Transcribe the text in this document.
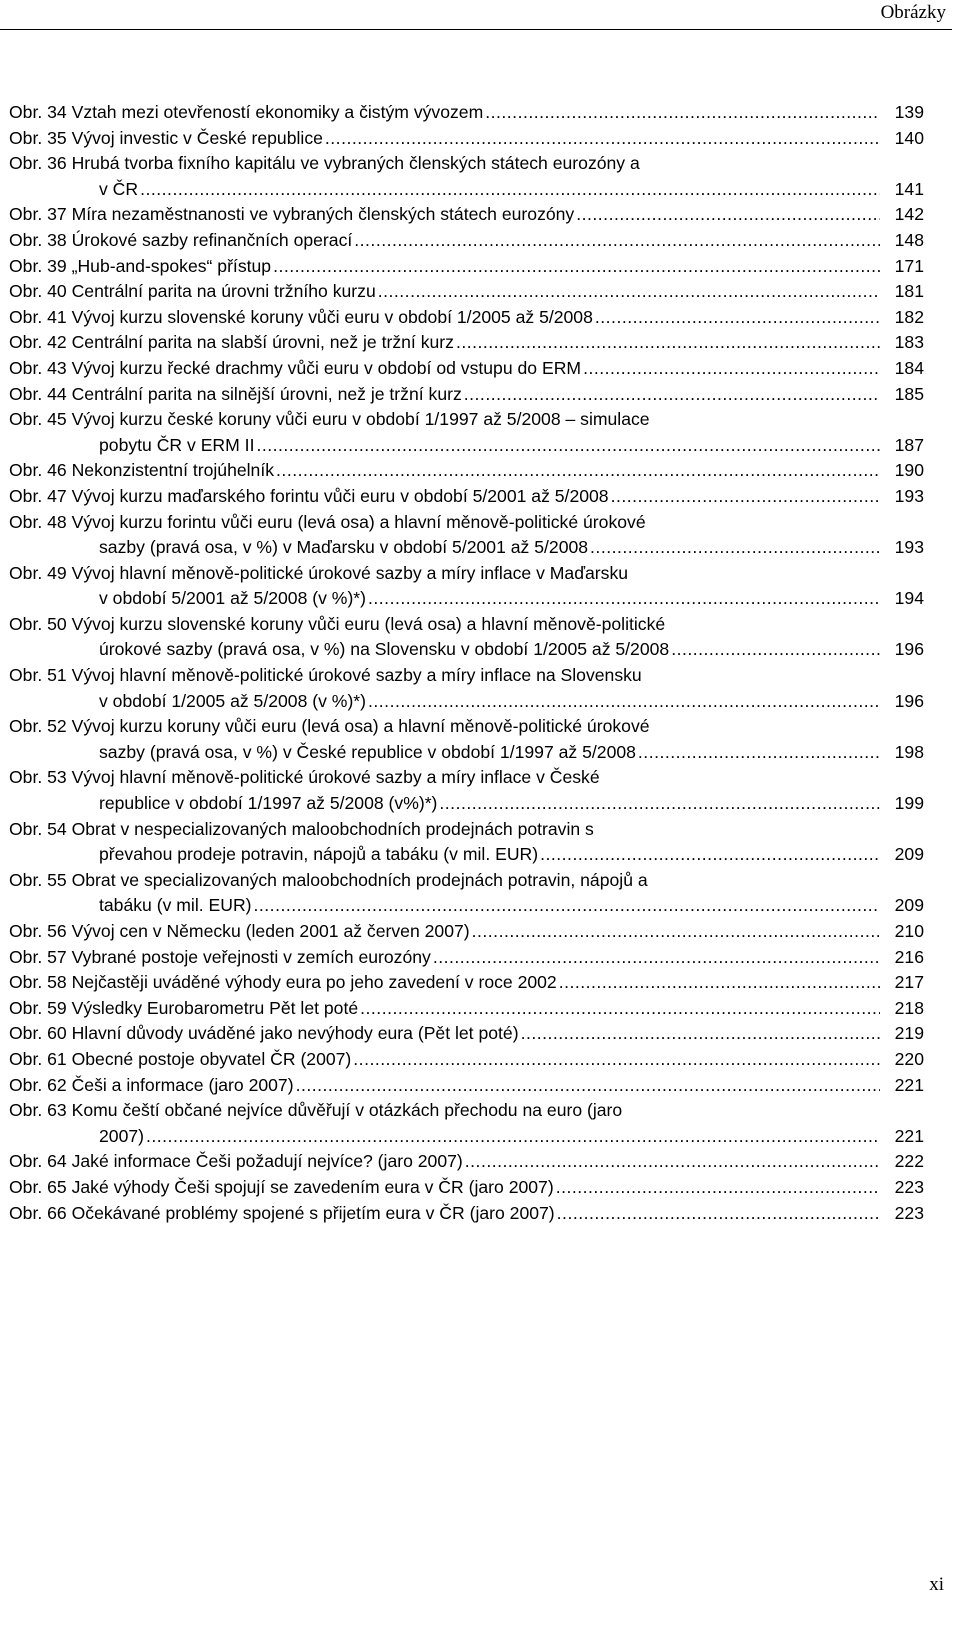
Obrázky
Obr. 34 Vztah mezi otevřeností ekonomiky a čistým vývozem .....	139
Obr. 35 Vývoj investic v České republice .....	140
Obr. 36 Hrubá tvorba fixního kapitálu ve vybraných členských státech eurozóny a
v ČR .....	141
Obr. 37 Míra nezaměstnanosti ve vybraných členských státech eurozóny .....	142
Obr. 38 Úrokové sazby refinančních operací .....	148
Obr. 39 „Hub-and-spokes“ přístup .....	171
Obr. 40 Centrální parita na úrovni tržního kurzu .....	181
Obr. 41 Vývoj kurzu slovenské koruny vůči euru v období 1/2005 až 5/2008 .....	182
Obr. 42 Centrální parita na slabší úrovni, než je tržní kurz .....	183
Obr. 43 Vývoj kurzu řecké drachmy vůči euru v období od vstupu do ERM .....	184
Obr. 44 Centrální parita na silnější úrovni, než je tržní kurz .....	185
Obr. 45 Vývoj kurzu české koruny vůči euru v období 1/1997 až 5/2008 – simulace
pobytu ČR v ERM II .....	187
Obr. 46 Nekonzistentní trojúhelník .....	190
Obr. 47 Vývoj kurzu maďarského forintu vůči euru v období 5/2001 až 5/2008 .....	193
Obr. 48 Vývoj kurzu forintu vůči euru (levá osa) a hlavní měnově-politické úrokové
sazby (pravá osa, v %) v Maďarsku v období 5/2001 až 5/2008 .....	193
Obr. 49 Vývoj hlavní měnově-politické úrokové sazby a míry inflace v Maďarsku
v období 5/2001 až 5/2008 (v %)*) .....	194
Obr. 50 Vývoj kurzu slovenské koruny vůči euru (levá osa) a hlavní měnově-politické
úrokové sazby (pravá osa, v %) na Slovensku v období 1/2005 až 5/2008 .....	196
Obr. 51 Vývoj hlavní měnově-politické úrokové sazby a míry inflace na Slovensku
v období 1/2005 až 5/2008 (v %)*) .....	196
Obr. 52 Vývoj kurzu koruny vůči euru (levá osa) a hlavní měnově-politické úrokové
sazby (pravá osa, v %) v České republice v období 1/1997 až 5/2008 .....	198
Obr. 53 Vývoj hlavní měnově-politické úrokové sazby a míry inflace v České
republice v období 1/1997 až 5/2008 (v%)*) .....	199
Obr. 54 Obrat v nespecializovaných maloobchodních prodejnách potravin s
převahou prodeje potravin, nápojů a tabáku (v mil. EUR) .....	209
Obr. 55 Obrat ve specializovaných maloobchodních prodejnách potravin, nápojů a
tabáku (v mil. EUR) .....	209
Obr. 56 Vývoj cen v Německu (leden 2001 až červen 2007) .....	210
Obr. 57 Vybrané postoje veřejnosti v zemích eurozóny .....	216
Obr. 58 Nejčastěji uváděné výhody eura po jeho zavedení v roce 2002 .....	217
Obr. 59 Výsledky Eurobarometru Pět let poté .....	218
Obr. 60 Hlavní důvody uváděné jako nevýhody eura (Pět let poté) .....	219
Obr. 61 Obecné postoje obyvatel ČR (2007) .....	220
Obr. 62 Češi a informace (jaro 2007) .....	221
Obr. 63 Komu čeští občané nejvíce důvěřují v otázkách přechodu na euro (jaro
2007) .....	221
Obr. 64 Jaké informace Češi požadují nejvíce? (jaro 2007) .....	222
Obr. 65 Jaké výhody Češi spojují se zavedením eura v ČR (jaro 2007) .....	223
Obr. 66 Očekávané problémy spojené s přijetím eura v ČR (jaro 2007) .....	223
xi
